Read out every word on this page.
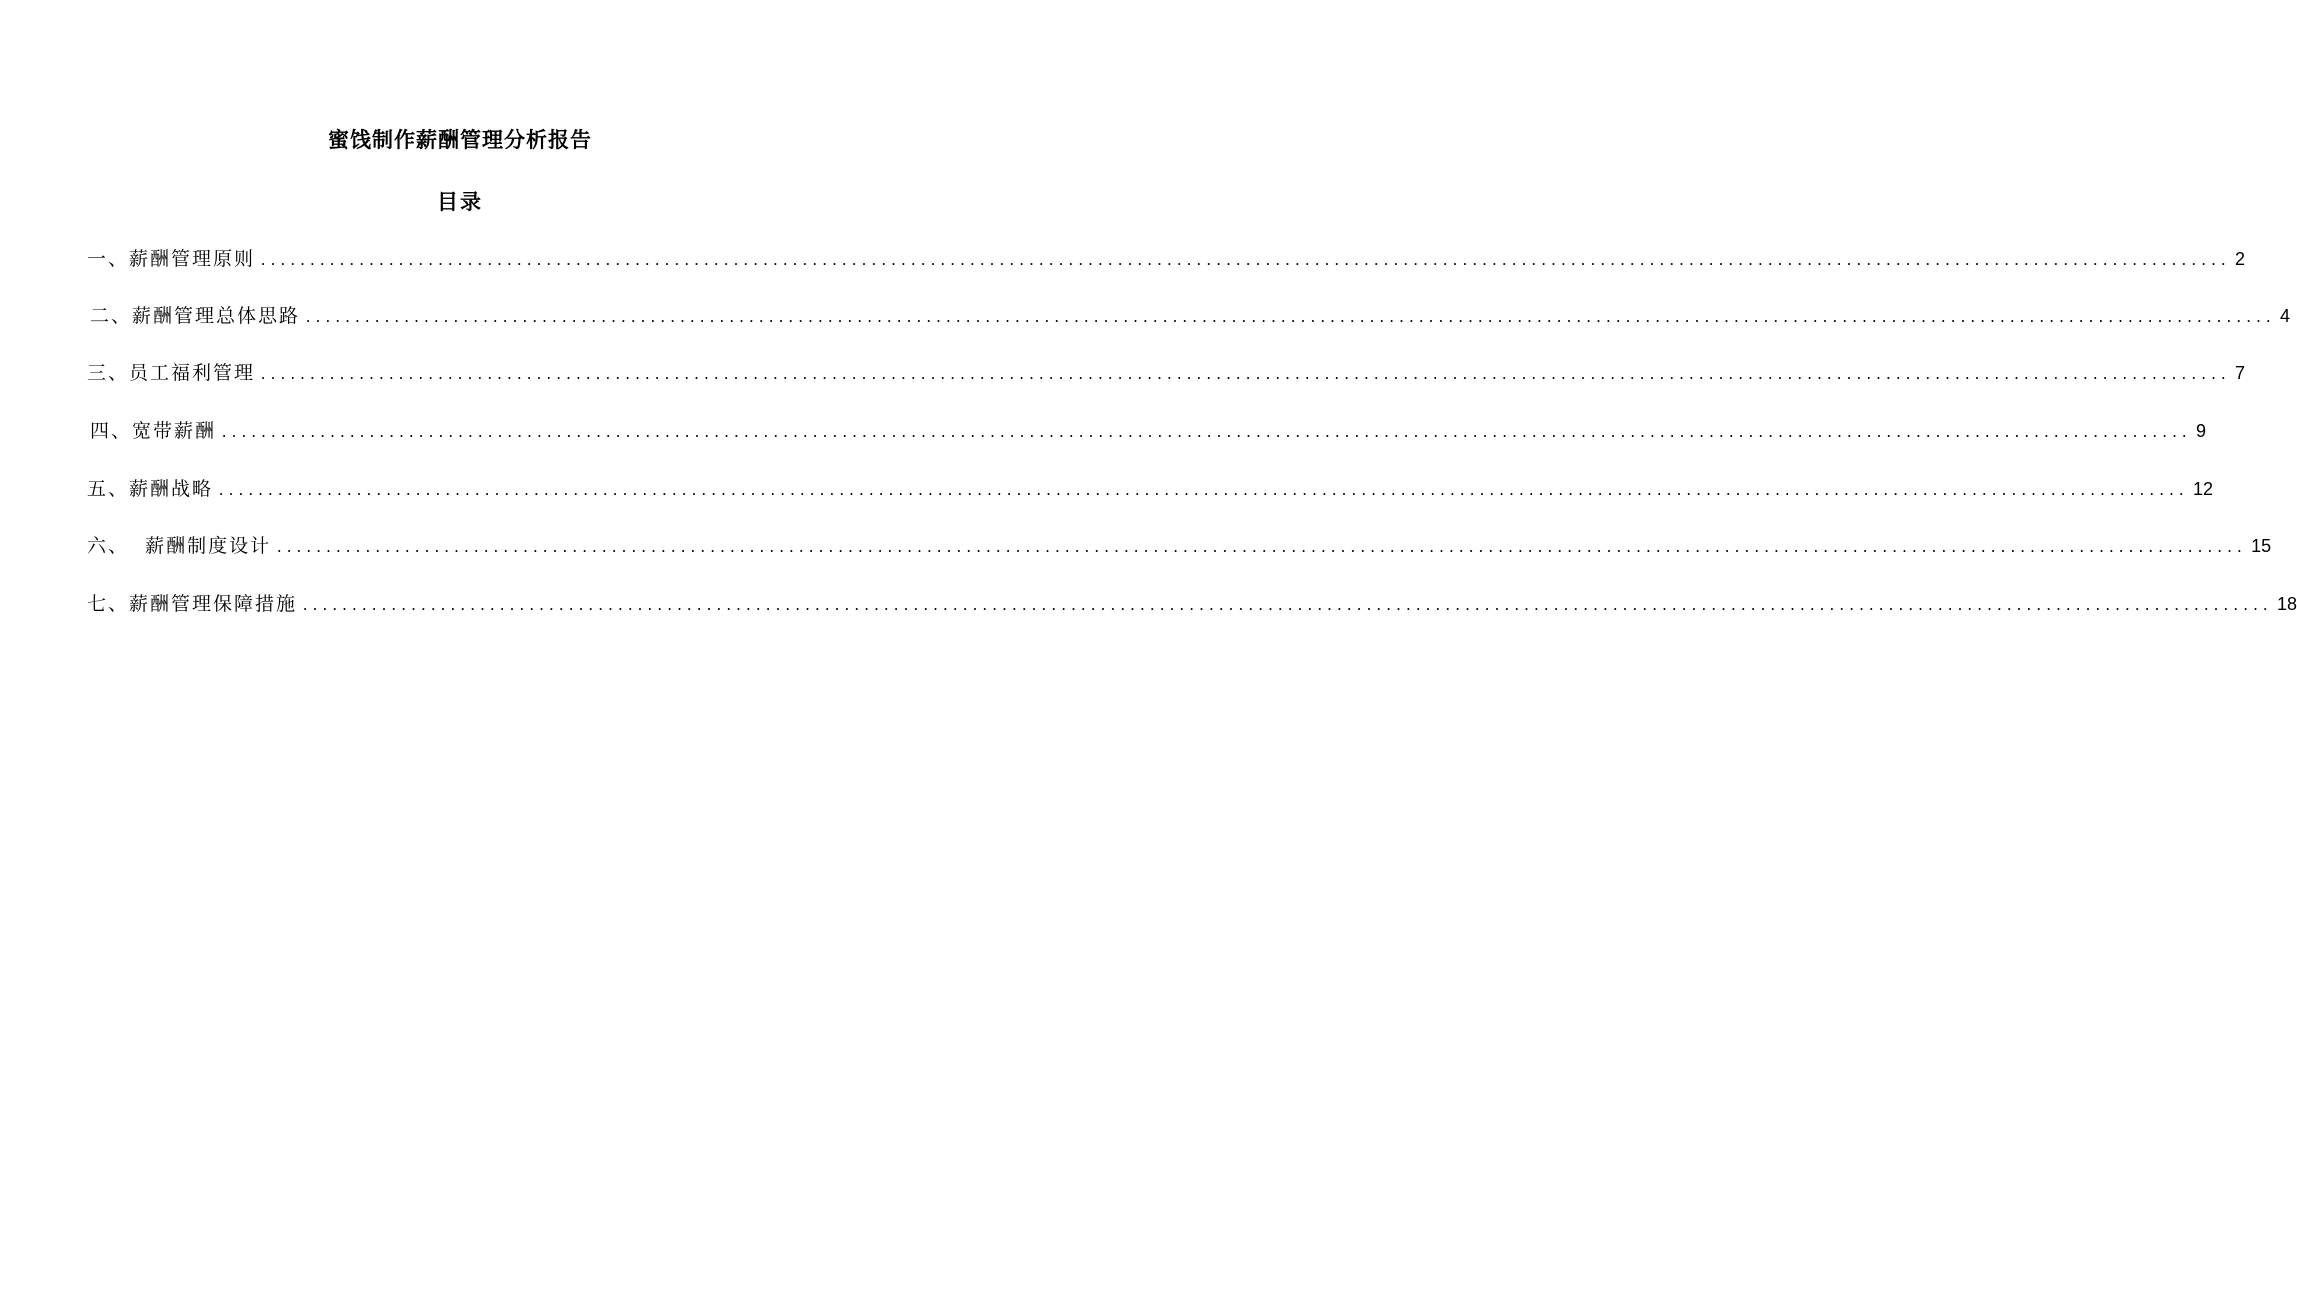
蜜饯制作薪酬管理分析报告
目录
一、薪酬管理原则 ........................................................................................................................................................................................................ 2
二、薪酬管理总体思路 ........................................................................................................................................................................................................ 4
三、员工福利管理 ........................................................................................................................................................................................................ 7
四、宽带薪酬 ........................................................................................................................................................................................................ 9
五、薪酬战略 ........................................................................................................................................................................................................ 12
六、  薪酬制度设计 ........................................................................................................................................................................................................ 15
七、薪酬管理保障措施 ........................................................................................................................................................................................................ 18
